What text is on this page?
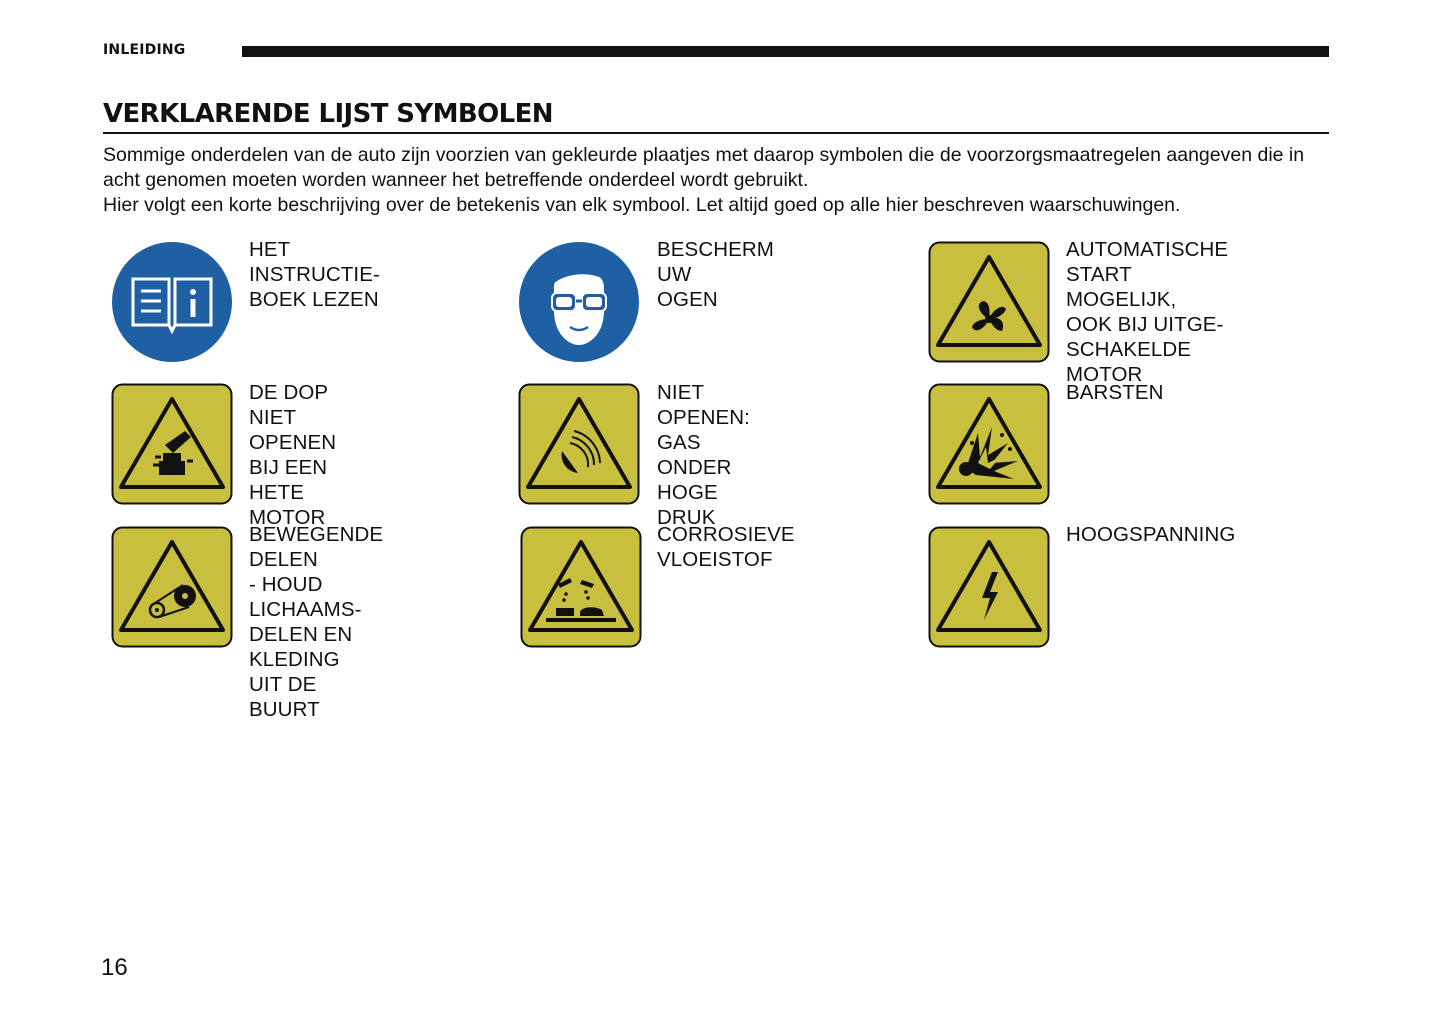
INLEIDING
VERKLARENDE LIJST SYMBOLEN

Sommige onderdelen van de auto zijn voorzien van gekleurde plaatjes met daarop symbolen die de voorzorgsmaatregelen aangeven die in acht genomen moeten worden wanneer het betreffende onderdeel wordt gebruikt.

Hier volgt een korte beschrijving over de betekenis van elk symbool. Let altijd goed op alle hier beschreven waarschuwingen.

HET INSTRUCTIE-
BOEK LEZEN
BESCHERM UW
OGEN
AUTOMATISCHE
START MOGELIJK,
OOK BIJ UITGE-
SCHAKELDE MOTOR
DE DOP NIET
OPENEN BIJ EEN
HETE MOTOR
NIET OPENEN: GAS
ONDER HOGE DRUK
BARSTEN
BEWEGENDE DELEN
- HOUD LICHAAMS-
DELEN EN KLEDING
UIT DE BUURT
CORROSIEVE
VLOEISTOF
HOOGSPANNING
16
